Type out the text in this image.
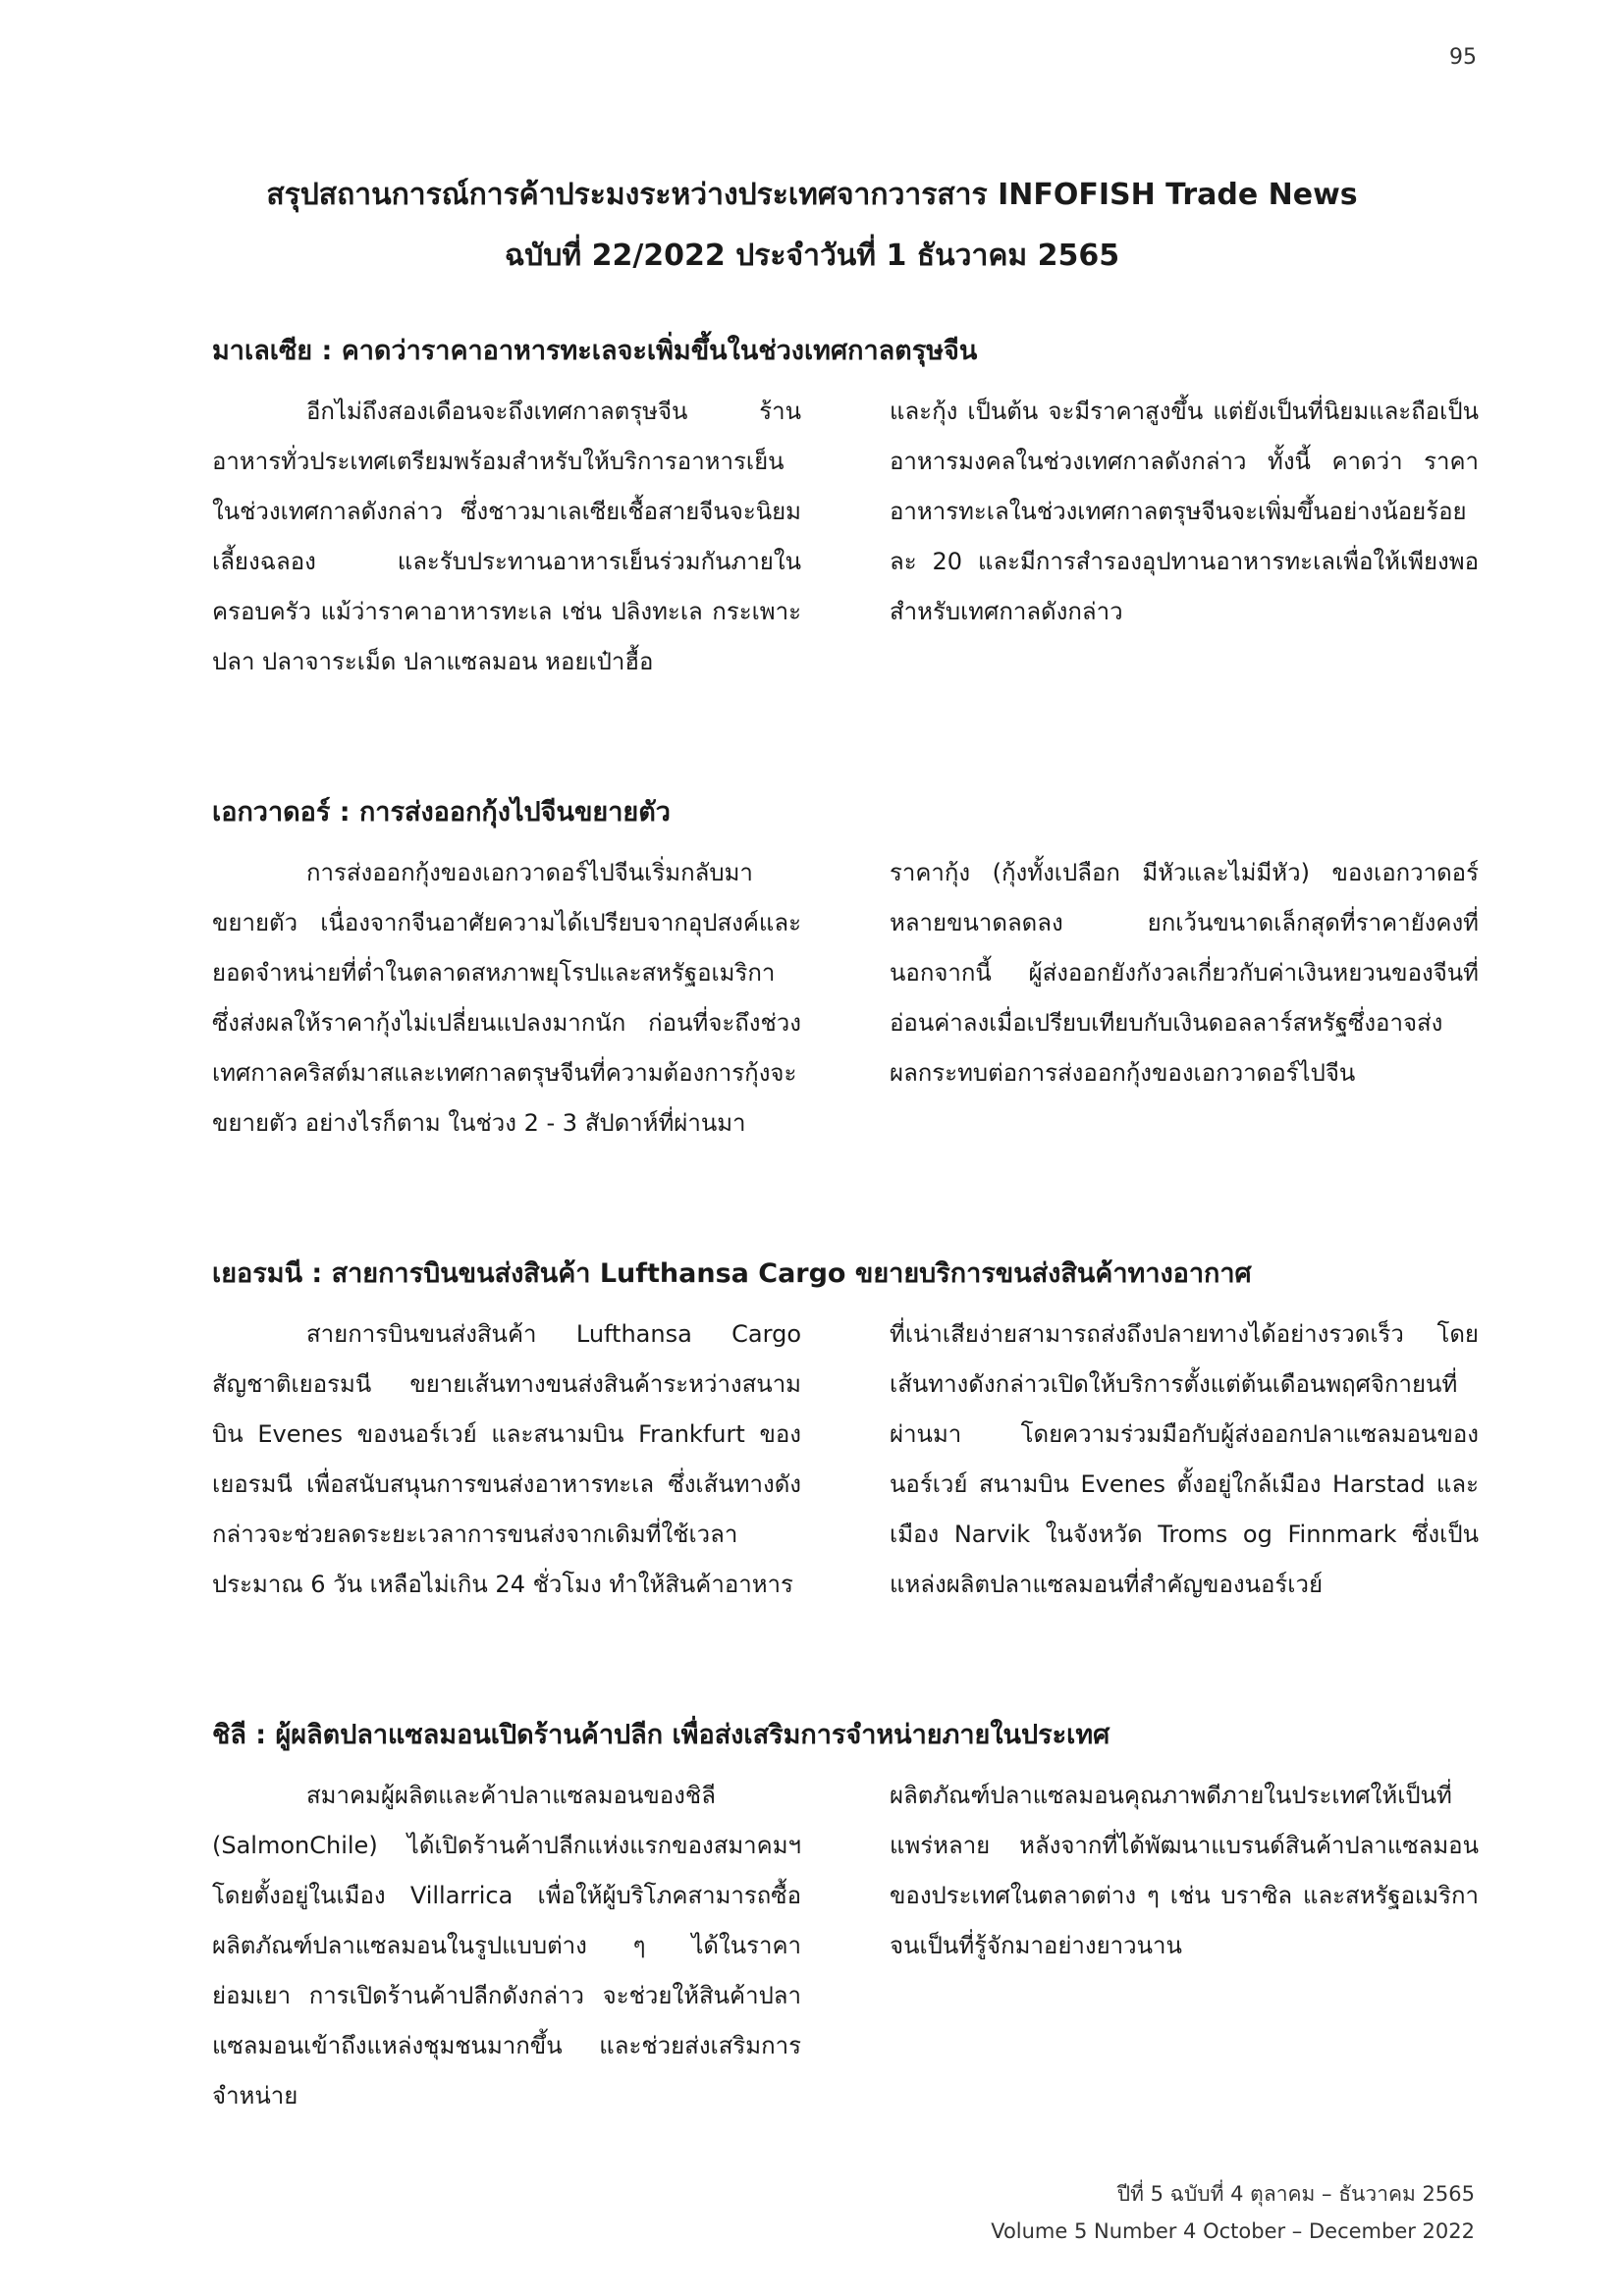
95
สรุปสถานการณ์การค้าประมงระหว่างประเทศจากวารสาร INFOFISH Trade News
ฉบับที่ 22/2022 ประจำวันที่ 1 ธันวาคม 2565
มาเลเซีย : คาดว่าราคาอาหารทะเลจะเพิ่มขึ้นในช่วงเทศกาลตรุษจีน
อีกไม่ถึงสองเดือนจะถึงเทศกาลตรุษจีน ร้านอาหารทั่วประเทศเตรียมพร้อมสำหรับให้บริการอาหารเย็นในช่วงเทศกาลดังกล่าว ซึ่งชาวมาเลเซียเชื้อสายจีนจะนิยมเลี้ยงฉลอง และรับประทานอาหารเย็นร่วมกันภายในครอบครัว แม้ว่าราคาอาหารทะเล เช่น ปลิงทะเล กระเพาะปลา ปลาจาระเม็ด ปลาแซลมอน หอยเป๋าฮื้อ
และกุ้ง เป็นต้น จะมีราคาสูงขึ้น แต่ยังเป็นที่นิยมและถือเป็นอาหารมงคลในช่วงเทศกาลดังกล่าว ทั้งนี้ คาดว่า ราคาอาหารทะเลในช่วงเทศกาลตรุษจีนจะเพิ่มขึ้นอย่างน้อยร้อยละ 20 และมีการสำรองอุปทานอาหารทะเลเพื่อให้เพียงพอสำหรับเทศกาลดังกล่าว
เอกวาดอร์ : การส่งออกกุ้งไปจีนขยายตัว
การส่งออกกุ้งของเอกวาดอร์ไปจีนเริ่มกลับมาขยายตัว เนื่องจากจีนอาศัยความได้เปรียบจากอุปสงค์และยอดจำหน่ายที่ต่ำในตลาดสหภาพยุโรปและสหรัฐอเมริกา ซึ่งส่งผลให้ราคากุ้งไม่เปลี่ยนแปลงมากนัก ก่อนที่จะถึงช่วงเทศกาลคริสต์มาสและเทศกาลตรุษจีนที่ความต้องการกุ้งจะขยายตัว อย่างไรก็ตาม ในช่วง 2 - 3 สัปดาห์ที่ผ่านมา
ราคากุ้ง (กุ้งทั้งเปลือก มีหัวและไม่มีหัว) ของเอกวาดอร์หลายขนาดลดลง ยกเว้นขนาดเล็กสุดที่ราคายังคงที่ นอกจากนี้ ผู้ส่งออกยังกังวลเกี่ยวกับค่าเงินหยวนของจีนที่อ่อนค่าลงเมื่อเปรียบเทียบกับเงินดอลลาร์สหรัฐซึ่งอาจส่งผลกระทบต่อการส่งออกกุ้งของเอกวาดอร์ไปจีน
เยอรมนี : สายการบินขนส่งสินค้า Lufthansa Cargo ขยายบริการขนส่งสินค้าทางอากาศ
สายการบินขนส่งสินค้า Lufthansa Cargo สัญชาติเยอรมนี ขยายเส้นทางขนส่งสินค้าระหว่างสนามบิน Evenes ของนอร์เวย์ และสนามบิน Frankfurt ของเยอรมนี เพื่อสนับสนุนการขนส่งอาหารทะเล ซึ่งเส้นทางดังกล่าวจะช่วยลดระยะเวลาการขนส่งจากเดิมที่ใช้เวลาประมาณ 6 วัน เหลือไม่เกิน 24 ชั่วโมง ทำให้สินค้าอาหาร
ที่เน่าเสียง่ายสามารถส่งถึงปลายทางได้อย่างรวดเร็ว โดยเส้นทางดังกล่าวเปิดให้บริการตั้งแต่ต้นเดือนพฤศจิกายนที่ผ่านมา โดยความร่วมมือกับผู้ส่งออกปลาแซลมอนของนอร์เวย์ สนามบิน Evenes ตั้งอยู่ใกล้เมือง Harstad และเมือง Narvik ในจังหวัด Troms og Finnmark ซึ่งเป็นแหล่งผลิตปลาแซลมอนที่สำคัญของนอร์เวย์
ชิลี : ผู้ผลิตปลาแซลมอนเปิดร้านค้าปลีก เพื่อส่งเสริมการจำหน่ายภายในประเทศ
สมาคมผู้ผลิตและค้าปลาแซลมอนของชิลี (SalmonChile) ได้เปิดร้านค้าปลีกแห่งแรกของสมาคมฯ โดยตั้งอยู่ในเมือง Villarrica เพื่อให้ผู้บริโภคสามารถซื้อผลิตภัณฑ์ปลาแซลมอนในรูปแบบต่าง ๆ ได้ในราคาย่อมเยา การเปิดร้านค้าปลีกดังกล่าว จะช่วยให้สินค้าปลาแซลมอนเข้าถึงแหล่งชุมชนมากขึ้น และช่วยส่งเสริมการจำหน่าย
ผลิตภัณฑ์ปลาแซลมอนคุณภาพดีภายในประเทศให้เป็นที่แพร่หลาย หลังจากที่ได้พัฒนาแบรนด์สินค้าปลาแซลมอนของประเทศในตลาดต่าง ๆ เช่น บราซิล และสหรัฐอเมริกา จนเป็นที่รู้จักมาอย่างยาวนาน
ปีที่ 5 ฉบับที่ 4 ตุลาคม – ธันวาคม 2565
Volume 5 Number 4 October – December 2022
